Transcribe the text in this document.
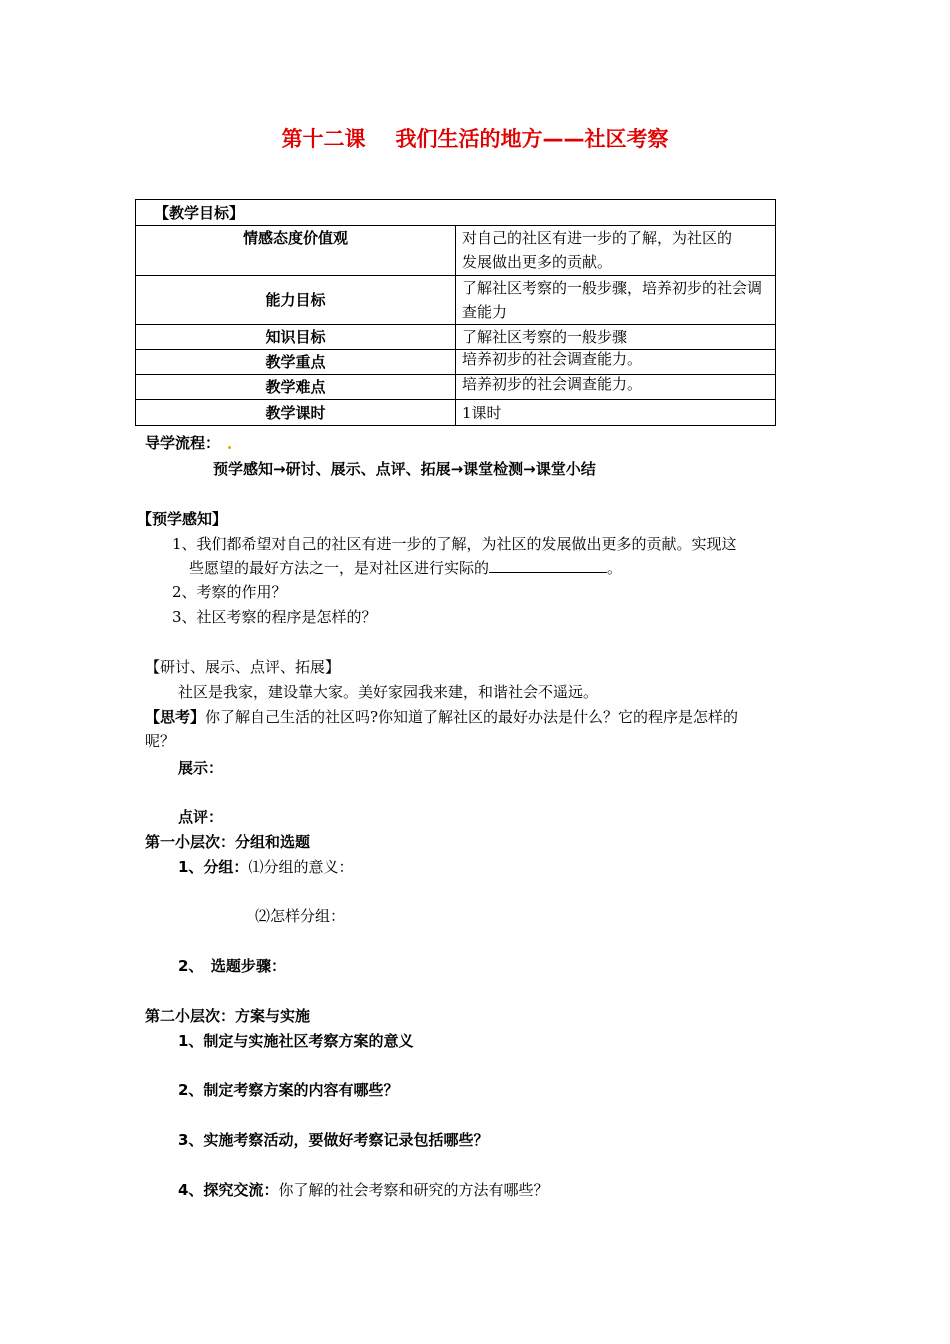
第十二课 我们生活的地方——社区考察
【教学目标】	
情感态度价值观	对自己的社区有进一步的了解，为社区的发展做出更多的贡献。
能力目标	了解社区考察的一般步骤，培养初步的社会调查能力
知识目标	了解社区考察的一般步骤
教学重点	培养初步的社会调查能力。
教学难点	培养初步的社会调查能力。
教学课时	1课时
导学流程：
预学感知→研讨、展示、点评、拓展→课堂检测→课堂小结
【预学感知】
1、我们都希望对自己的社区有进一步的了解，为社区的发展做出更多的贡献。实现这
些愿望的最好方法之一，是对社区进行实际的	。
2、考察的作用？
3、社区考察的程序是怎样的？
【研讨、展示、点评、拓展】
社区是我家，建设靠大家。美好家园我来建，和谐社会不遥远。
【思考】你了解自己生活的社区吗?你知道了解社区的最好办法是什么？它的程序是怎样的
呢？
展示：
点评：
第一小层次：分组和选题
1、分组：⑴分组的意义：
⑵怎样分组：
2、　选题步骤：
第二小层次：方案与实施
1、制定与实施社区考察方案的意义
2、制定考察方案的内容有哪些？
3、实施考察活动，要做好考察记录包括哪些？
4、探究交流：你了解的社会考察和研究的方法有哪些？
